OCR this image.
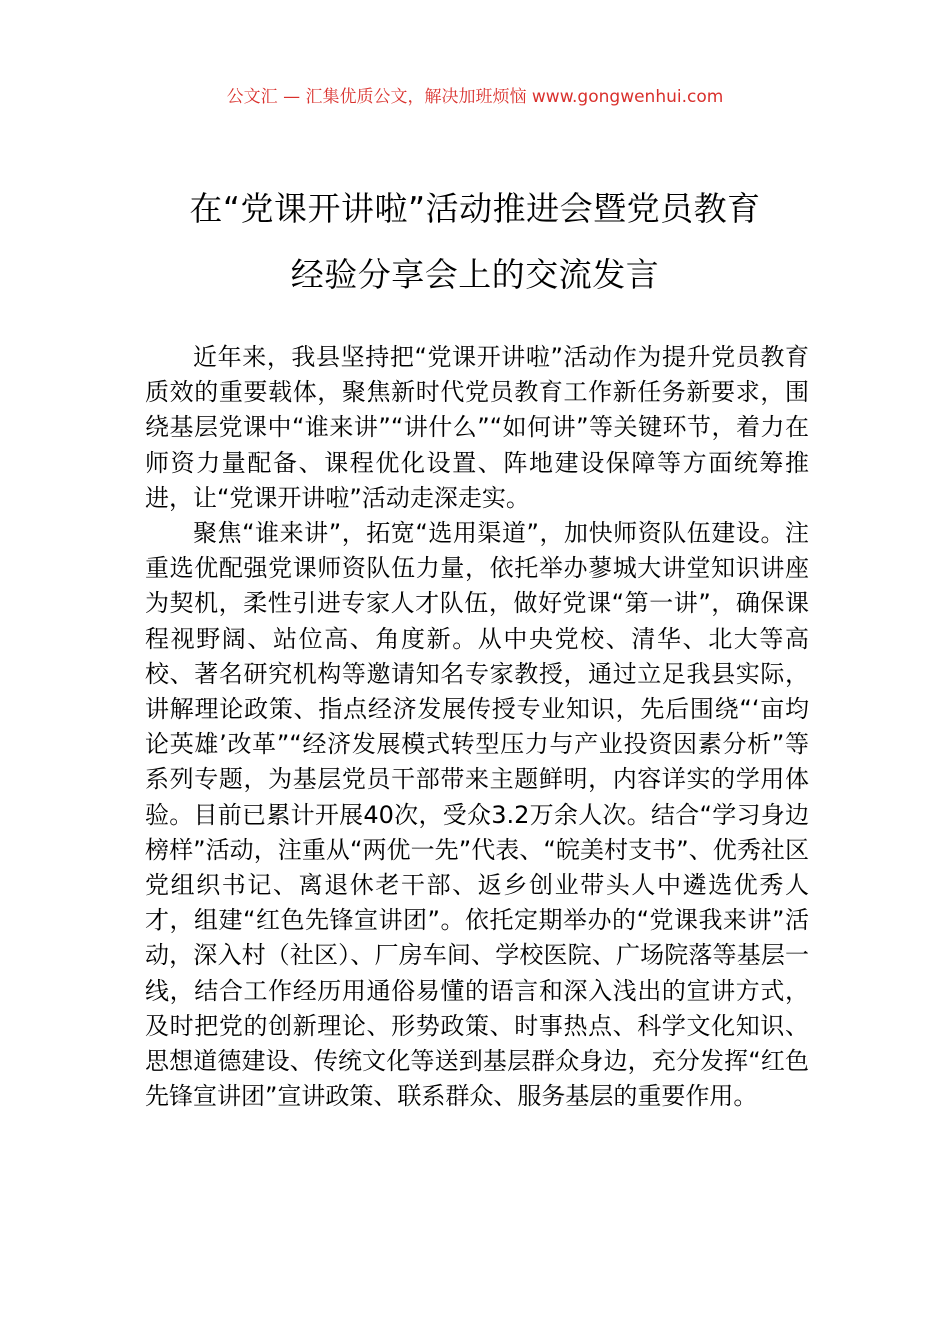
公文汇 — 汇集优质公文，解决加班烦恼 www.gongwenhui.com
在“党课开讲啦”活动推进会暨党员教育
经验分享会上的交流发言

近年来，我县坚持把“党课开讲啦”活动作为提升党员教育质效的重要载体，聚焦新时代党员教育工作新任务新要求，围绕基层党课中“谁来讲”“讲什么”“如何讲”等关键环节，着力在师资力量配备、课程优化设置、阵地建设保障等方面统筹推进，让“党课开讲啦”活动走深走实。

聚焦“谁来讲”，拓宽“选用渠道”，加快师资队伍建设。注重选优配强党课师资队伍力量，依托举办蓼城大讲堂知识讲座为契机，柔性引进专家人才队伍，做好党课“第一讲”，确保课程视野阔、站位高、角度新。从中央党校、清华、北大等高校、著名研究机构等邀请知名专家教授，通过立足我县实际，讲解理论政策、指点经济发展传授专业知识，先后围绕“‘亩均论英雄’改革”“经济发展模式转型压力与产业投资因素分析”等系列专题，为基层党员干部带来主题鲜明，内容详实的学用体验。目前已累计开展40次，受众3.2万余人次。结合“学习身边榜样”活动，注重从“两优一先”代表、“皖美村支书”、优秀社区党组织书记、离退休老干部、返乡创业带头人中遴选优秀人才，组建“红色先锋宣讲团”。依托定期举办的“党课我来讲”活动，深入村（社区）、厂房车间、学校医院、广场院落等基层一线，结合工作经历用通俗易懂的语言和深入浅出的宣讲方式，及时把党的创新理论、形势政策、时事热点、科学文化知识、思想道德建设、传统文化等送到基层群众身边，充分发挥“红色先锋宣讲团”宣讲政策、联系群众、服务基层的重要作用。
